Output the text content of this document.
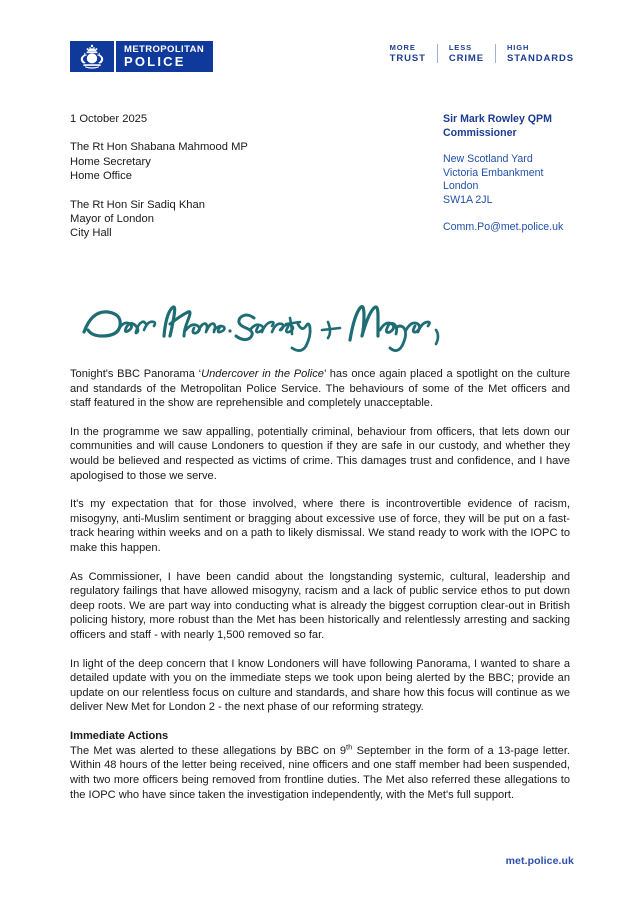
METROPOLITAN
POLICE
MORE
TRUST
LESS
CRIME
HIGH
STANDARDS
1 October 2025
The Rt Hon Shabana Mahmood MP
Home Secretary
Home Office
The Rt Hon Sir Sadiq Khan
Mayor of London
City Hall
Sir Mark Rowley QPM
Commissioner
New Scotland Yard
Victoria Embankment
London
SW1A 2JL
Comm.Po@met.police.uk

Tonight's BBC Panorama ‘Undercover in the Police’ has once again placed a spotlight on the culture and standards of the Metropolitan Police Service. The behaviours of some of the Met officers and staff featured in the show are reprehensible and completely unacceptable.

In the programme we saw appalling, potentially criminal, behaviour from officers, that lets down our communities and will cause Londoners to question if they are safe in our custody, and whether they would be believed and respected as victims of crime. This damages trust and confidence, and I have apologised to those we serve.

It's my expectation that for those involved, where there is incontrovertible evidence of racism, misogyny, anti-Muslim sentiment or bragging about excessive use of force, they will be put on a fast-track hearing within weeks and on a path to likely dismissal. We stand ready to work with the IOPC to make this happen.

As Commissioner, I have been candid about the longstanding systemic, cultural, leadership and regulatory failings that have allowed misogyny, racism and a lack of public service ethos to put down deep roots. We are part way into conducting what is already the biggest corruption clear-out in British policing history, more robust than the Met has been historically and relentlessly arresting and sacking officers and staff - with nearly 1,500 removed so far.

In light of the deep concern that I know Londoners will have following Panorama, I wanted to share a detailed update with you on the immediate steps we took upon being alerted by the BBC; provide an update on our relentless focus on culture and standards, and share how this focus will continue as we deliver New Met for London 2 - the next phase of our reforming strategy.

Immediate Actions

The Met was alerted to these allegations by BBC on 9th September in the form of a 13-page letter. Within 48 hours of the letter being received, nine officers and one staff member had been suspended, with two more officers being removed from frontline duties. The Met also referred these allegations to the IOPC who have since taken the investigation independently, with the Met's full support.

met.police.uk
